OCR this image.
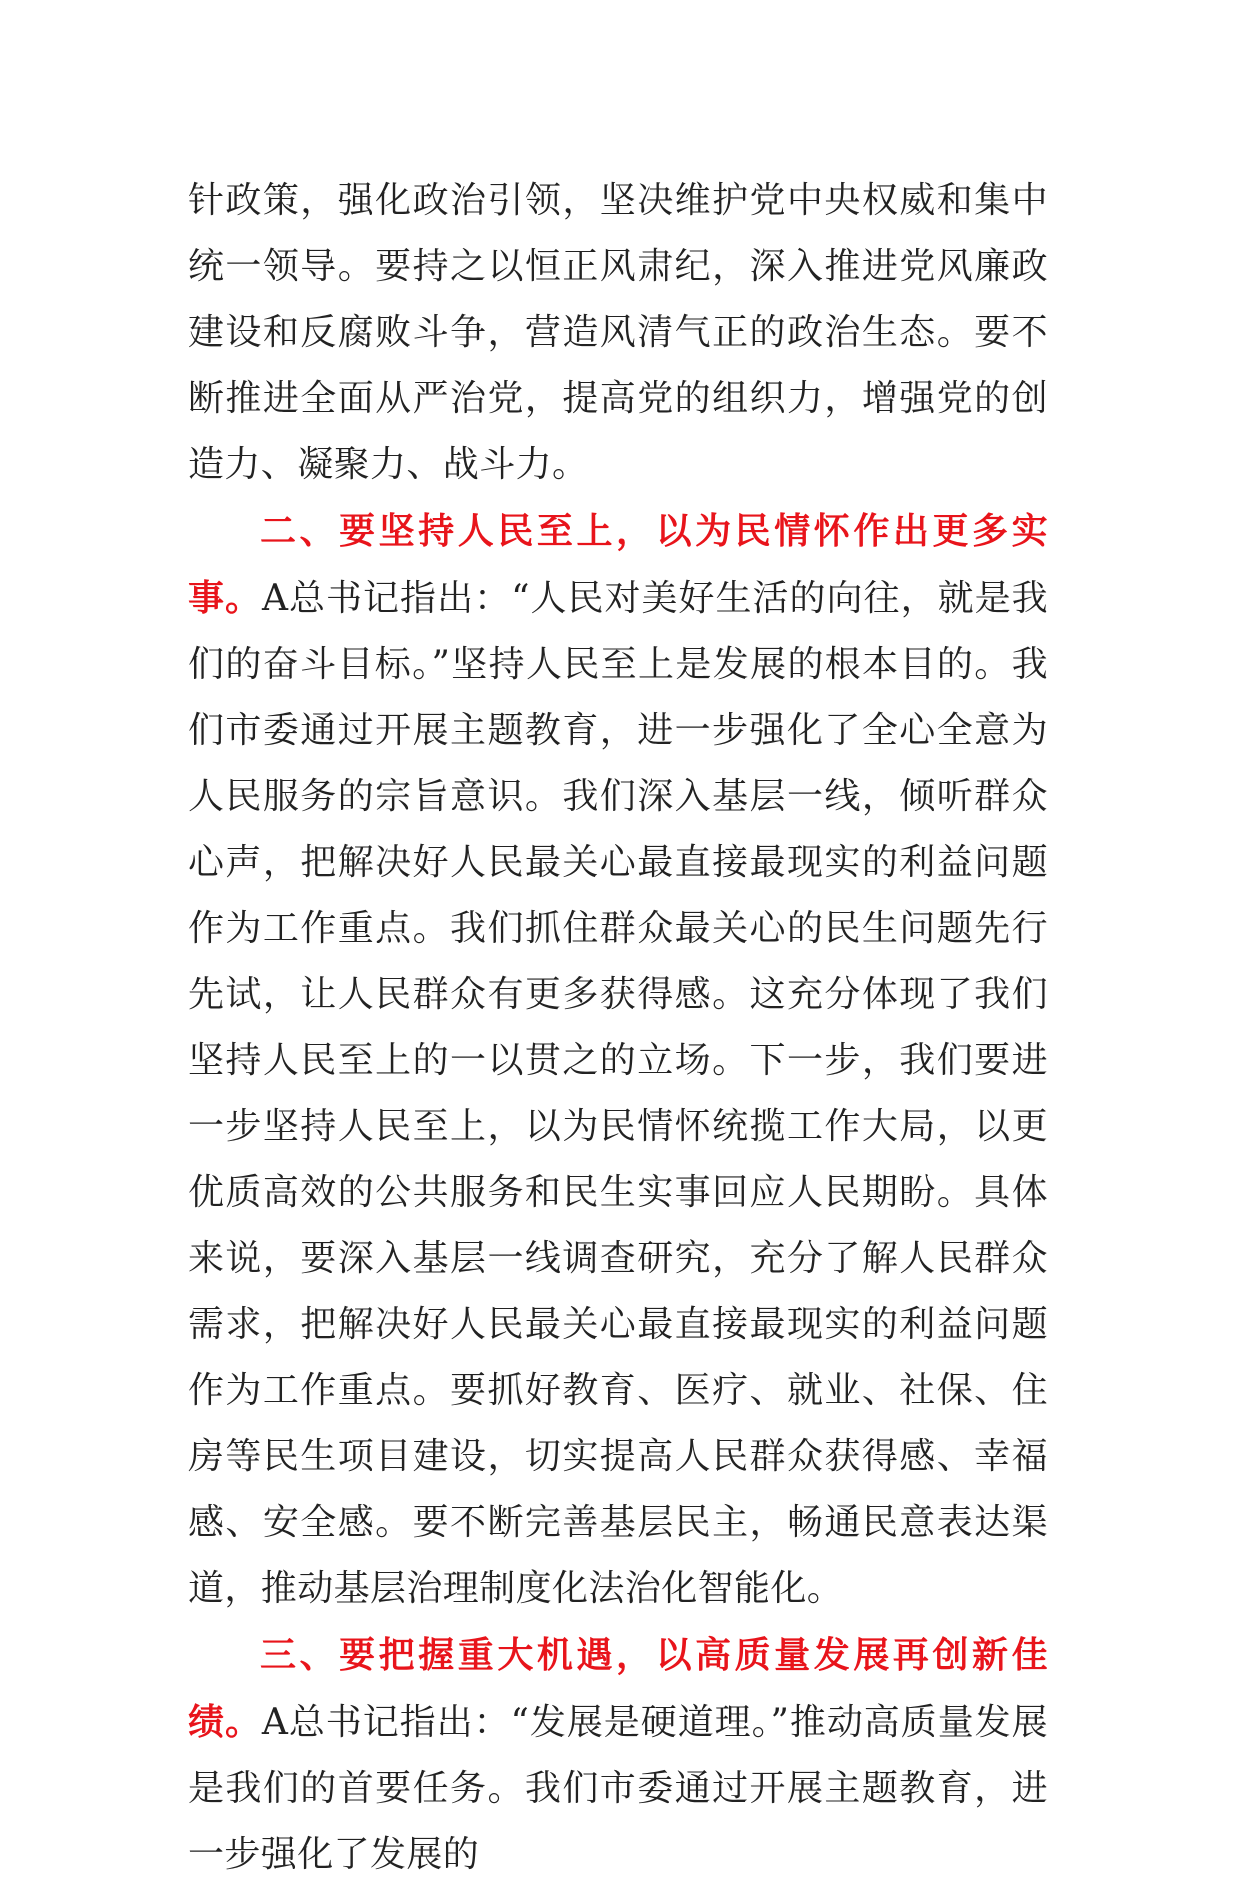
针政策，强化政治引领，坚决维护党中央权威和集中统一领导。要持之以恒正风肃纪，深入推进党风廉政建设和反腐败斗争，营造风清气正的政治生态。要不断推进全面从严治党，提高党的组织力，增强党的创造力、凝聚力、战斗力。

二、要坚持人民至上，以为民情怀作出更多实事。A总书记指出：“人民对美好生活的向往，就是我们的奋斗目标。”坚持人民至上是发展的根本目的。我们市委通过开展主题教育，进一步强化了全心全意为人民服务的宗旨意识。我们深入基层一线，倾听群众心声，把解决好人民最关心最直接最现实的利益问题作为工作重点。我们抓住群众最关心的民生问题先行先试，让人民群众有更多获得感。这充分体现了我们坚持人民至上的一以贯之的立场。下一步，我们要进一步坚持人民至上，以为民情怀统揽工作大局，以更优质高效的公共服务和民生实事回应人民期盼。具体来说，要深入基层一线调查研究，充分了解人民群众需求，把解决好人民最关心最直接最现实的利益问题作为工作重点。要抓好教育、医疗、就业、社保、住房等民生项目建设，切实提高人民群众获得感、幸福感、安全感。要不断完善基层民主，畅通民意表达渠道，推动基层治理制度化法治化智能化。

三、要把握重大机遇，以高质量发展再创新佳绩。A总书记指出：“发展是硬道理。”推动高质量发展是我们的首要任务。我们市委通过开展主题教育，进一步强化了发展的
